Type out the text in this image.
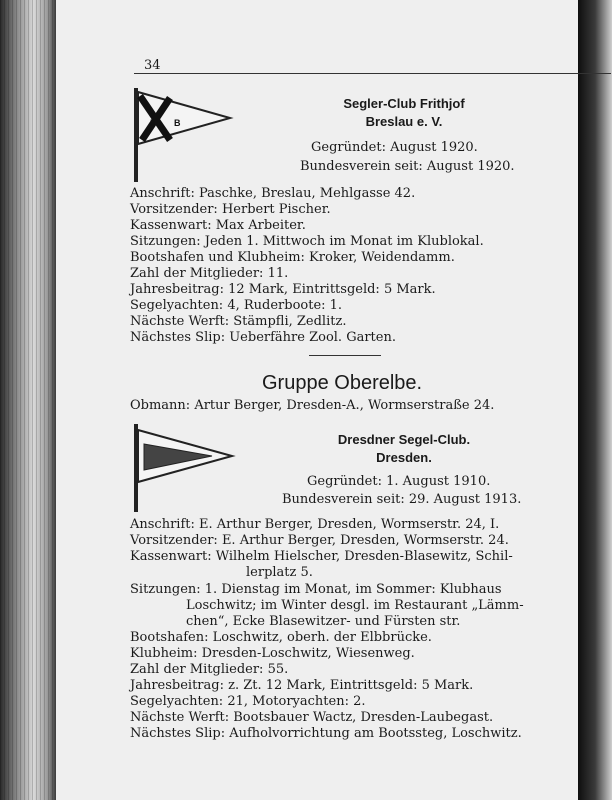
34
F B
Segler-Club Frithjof
Breslau e. V.
Gegründet: August 1920.
Bundesverein seit: August 1920.
Anschrift: Paschke, Breslau, Mehlgasse 42.
Vorsitzender: Herbert Pischer.
Kassenwart: Max Arbeiter.
Sitzungen: Jeden 1. Mittwoch im Monat im Klublokal.
Bootshafen und Klubheim: Kroker, Weidendamm.
Zahl der Mitglieder: 11.
Jahresbeitrag: 12 Mark, Eintrittsgeld: 5 Mark.
Segelyachten: 4, Ruderboote: 1.
Nächste Werft: Stämpfli, Zedlitz.
Nächstes Slip: Ueberfähre Zool. Garten.
Gruppe Oberelbe.
Obmann: Artur Berger, Dresden-A., Wormserstraße 24.
Dresdner Segel-Club.
Dresden.
Gegründet: 1. August 1910.
Bundesverein seit: 29. August 1913.
Anschrift: E. Arthur Berger, Dresden, Wormserstr. 24, I.
Vorsitzender: E. Arthur Berger, Dresden, Wormserstr. 24.
Kassenwart: Wilhelm Hielscher, Dresden-Blasewitz, Schil-
lerplatz 5.
Sitzungen: 1. Dienstag im Monat, im Sommer: Klubhaus
Loschwitz; im Winter desgl. im Restaurant „Lämm-
chen“, Ecke Blasewitzer- und Fürsten str.
Bootshafen: Loschwitz, oberh. der Elbbrücke.
Klubheim: Dresden-Loschwitz, Wiesenweg.
Zahl der Mitglieder: 55.
Jahresbeitrag: z. Zt. 12 Mark, Eintrittsgeld: 5 Mark.
Segelyachten: 21, Motoryachten: 2.
Nächste Werft: Bootsbauer Wactz, Dresden-Laubegast.
Nächstes Slip: Aufholvorrichtung am Bootssteg, Loschwitz.
